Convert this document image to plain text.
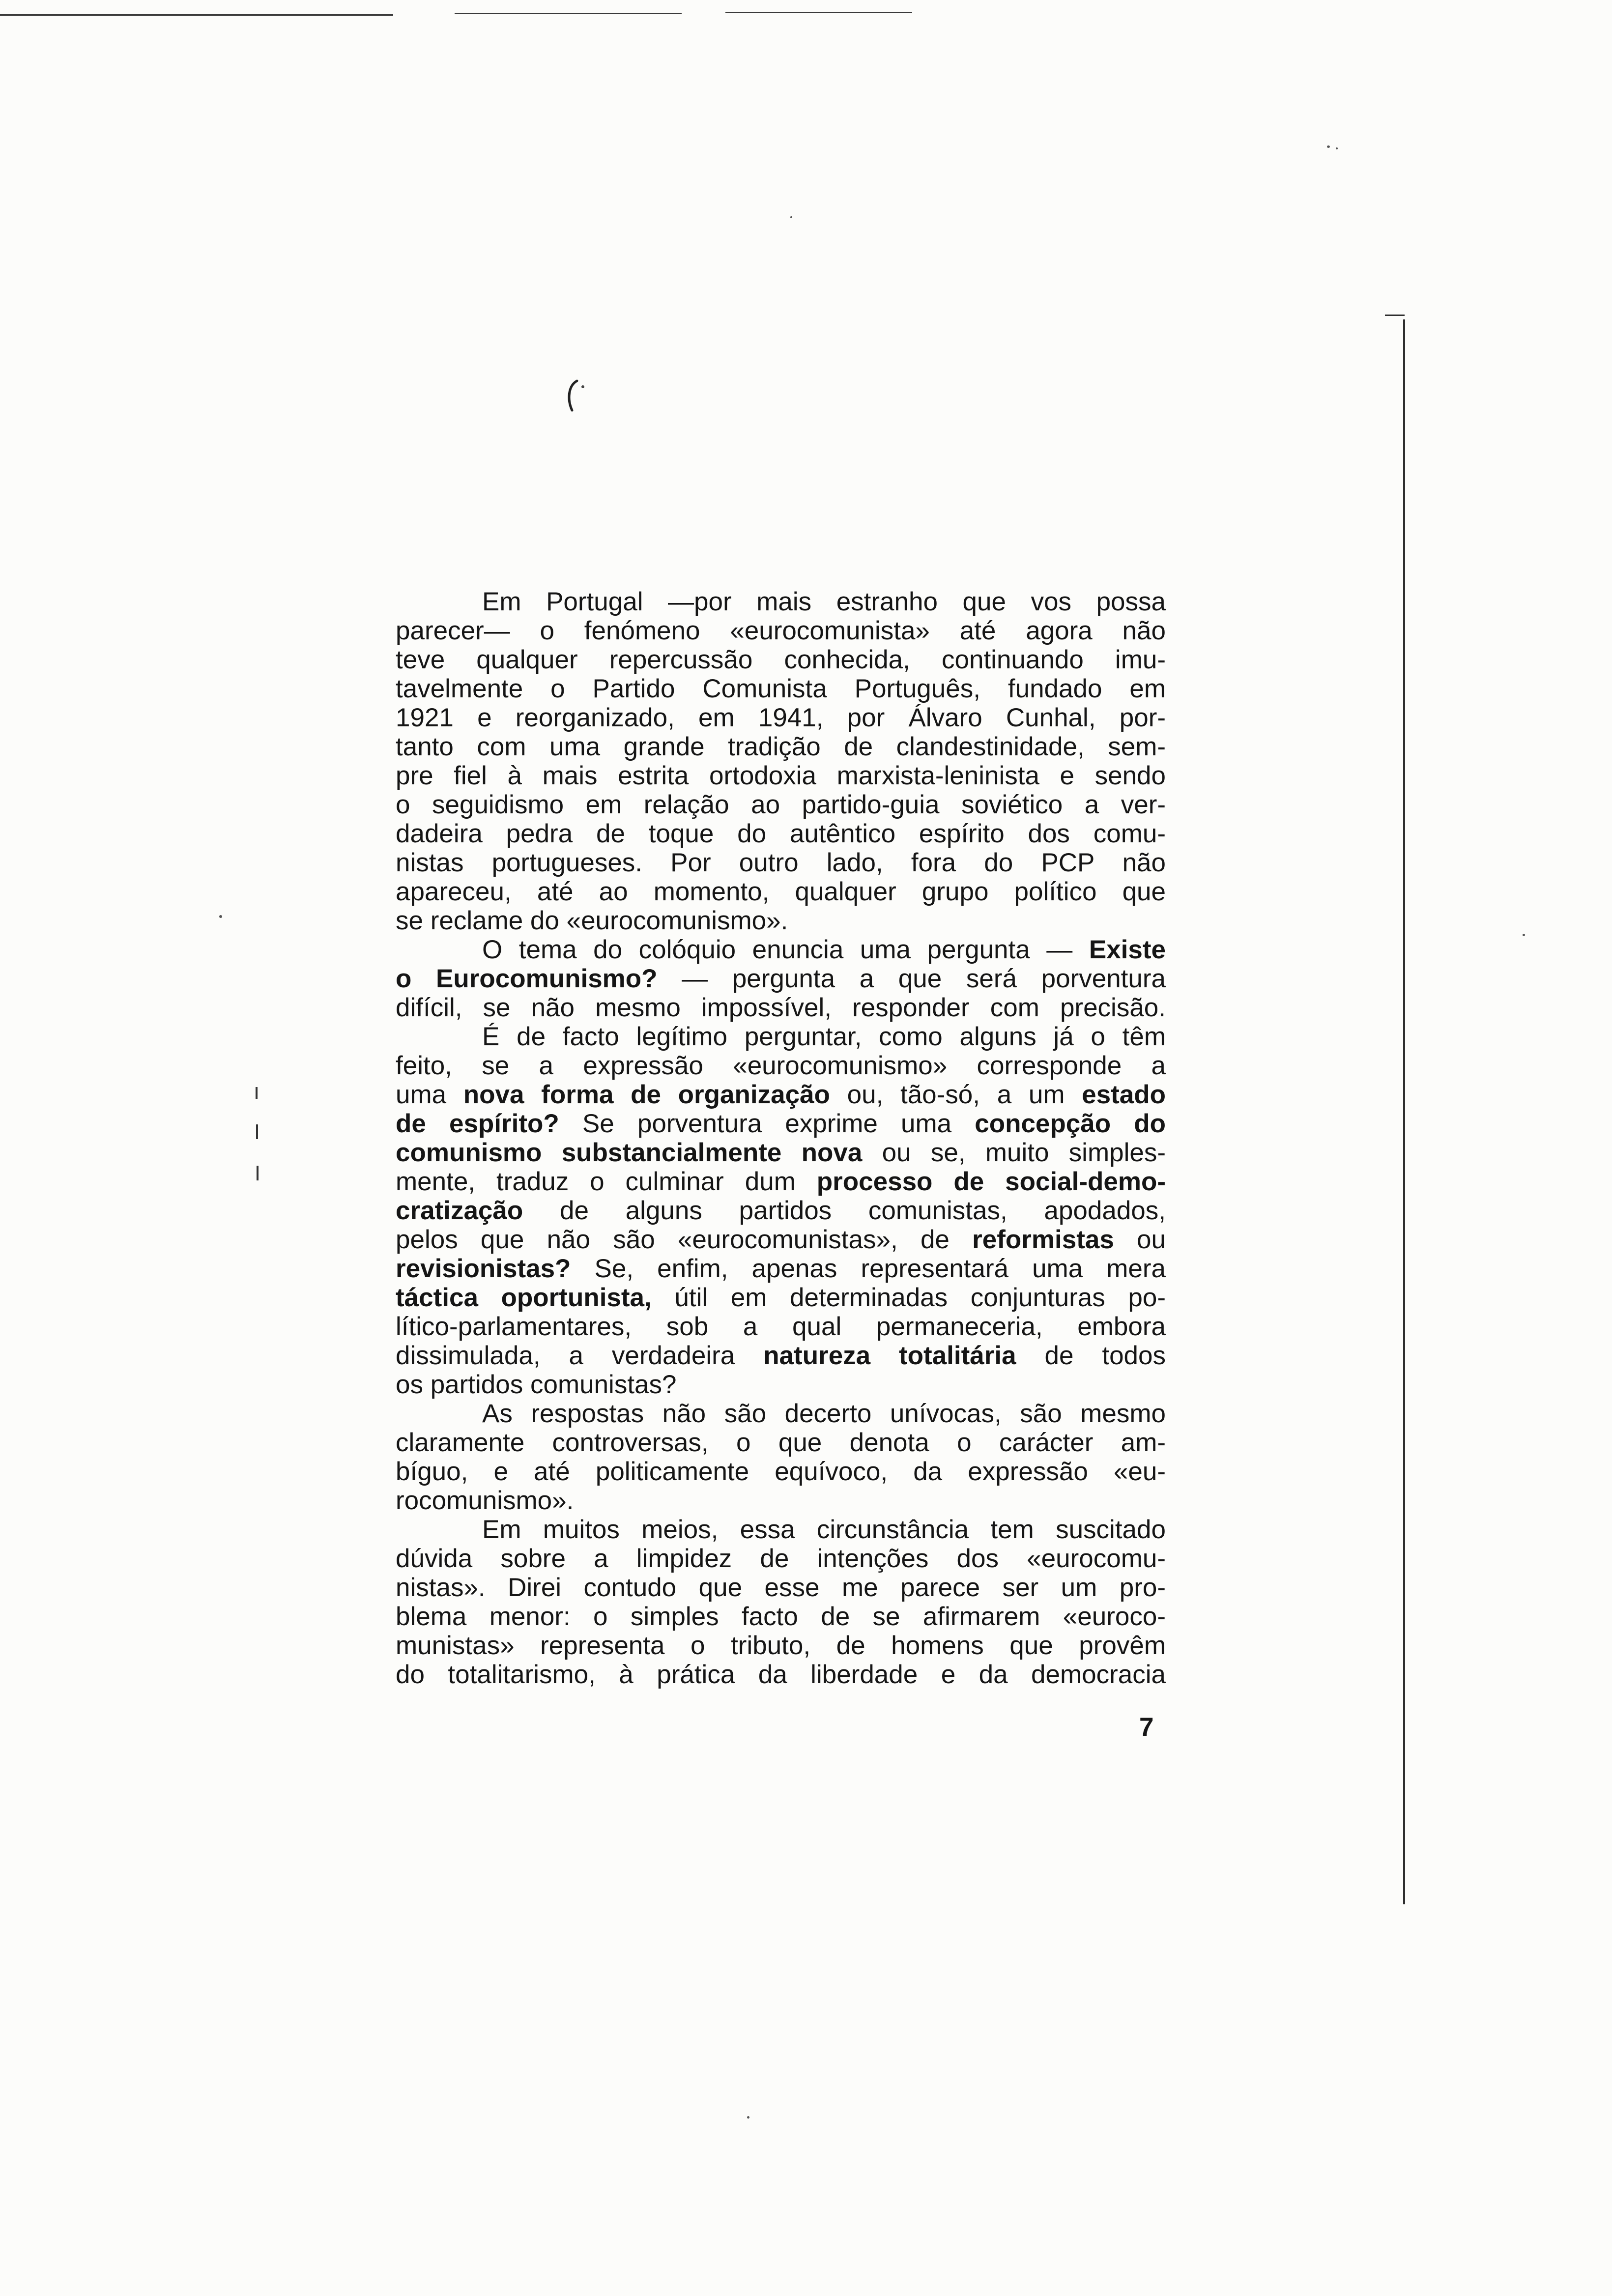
Em Portugal —por mais estranho que vos possa
parecer— o fenómeno «eurocomunista» até agora não
teve qualquer repercussão conhecida, continuando imu-
tavelmente o Partido Comunista Português, fundado em
1921 e reorganizado, em 1941, por Álvaro Cunhal, por-
tanto com uma grande tradição de clandestinidade, sem-
pre fiel à mais estrita ortodoxia marxista-leninista e sendo
o seguidismo em relação ao partido-guia soviético a ver-
dadeira pedra de toque do autêntico espírito dos comu-
nistas portugueses. Por outro lado, fora do PCP não
apareceu, até ao momento, qualquer grupo político que
se reclame do «eurocomunismo».
O tema do colóquio enuncia uma pergunta — Existe
o Eurocomunismo? — pergunta a que será porventura
difícil, se não mesmo impossível, responder com precisão.
É de facto legítimo perguntar, como alguns já o têm
feito, se a expressão «eurocomunismo» corresponde a
uma nova forma de organização ou, tão-só, a um estado
de espírito? Se porventura exprime uma concepção do
comunismo substancialmente nova ou se, muito simples-
mente, traduz o culminar dum processo de social-demo-
cratização de alguns partidos comunistas, apodados,
pelos que não são «eurocomunistas», de reformistas ou
revisionistas? Se, enfim, apenas representará uma mera
táctica oportunista, útil em determinadas conjunturas po-
lítico-parlamentares, sob a qual permaneceria, embora
dissimulada, a verdadeira natureza totalitária de todos
os partidos comunistas?
As respostas não são decerto unívocas, são mesmo
claramente controversas, o que denota o carácter am-
bíguo, e até politicamente equívoco, da expressão «eu-
rocomunismo».
Em muitos meios, essa circunstância tem suscitado
dúvida sobre a limpidez de intenções dos «eurocomu-
nistas». Direi contudo que esse me parece ser um pro-
blema menor: o simples facto de se afirmarem «euroco-
munistas» representa o tributo, de homens que provêm
do totalitarismo, à prática da liberdade e da democracia
7
